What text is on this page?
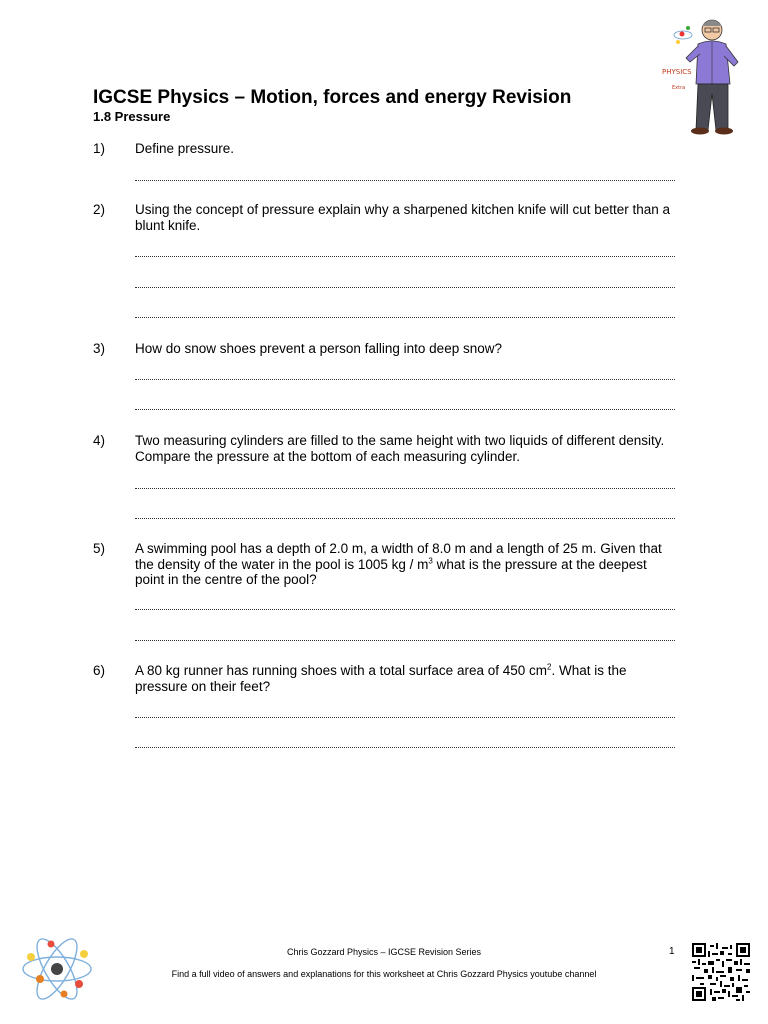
PHYSICS
Extra
IGCSE Physics – Motion, forces and energy Revision
1.8 Pressure
1) Define pressure.
2) Using the concept of pressure explain why a sharpened kitchen knife will cut better than a blunt knife.
3) How do snow shoes prevent a person falling into deep snow?
4) Two measuring cylinders are filled to the same height with two liquids of different density. Compare the pressure at the bottom of each measuring cylinder.
5) A swimming pool has a depth of 2.0 m, a width of 8.0 m and a length of 25 m. Given that the density of the water in the pool is 1005 kg / $m^3$ what is the pressure at the deepest point in the centre of the pool?
6) A 80 kg runner has running shoes with a total surface area of 450 $cm^2$. What is the pressure on their feet?
Chris Gozzard Physics – IGCSE Revision Series	1
Find a full video of answers and explanations for this worksheet at Chris Gozzard Physics youtube channel
